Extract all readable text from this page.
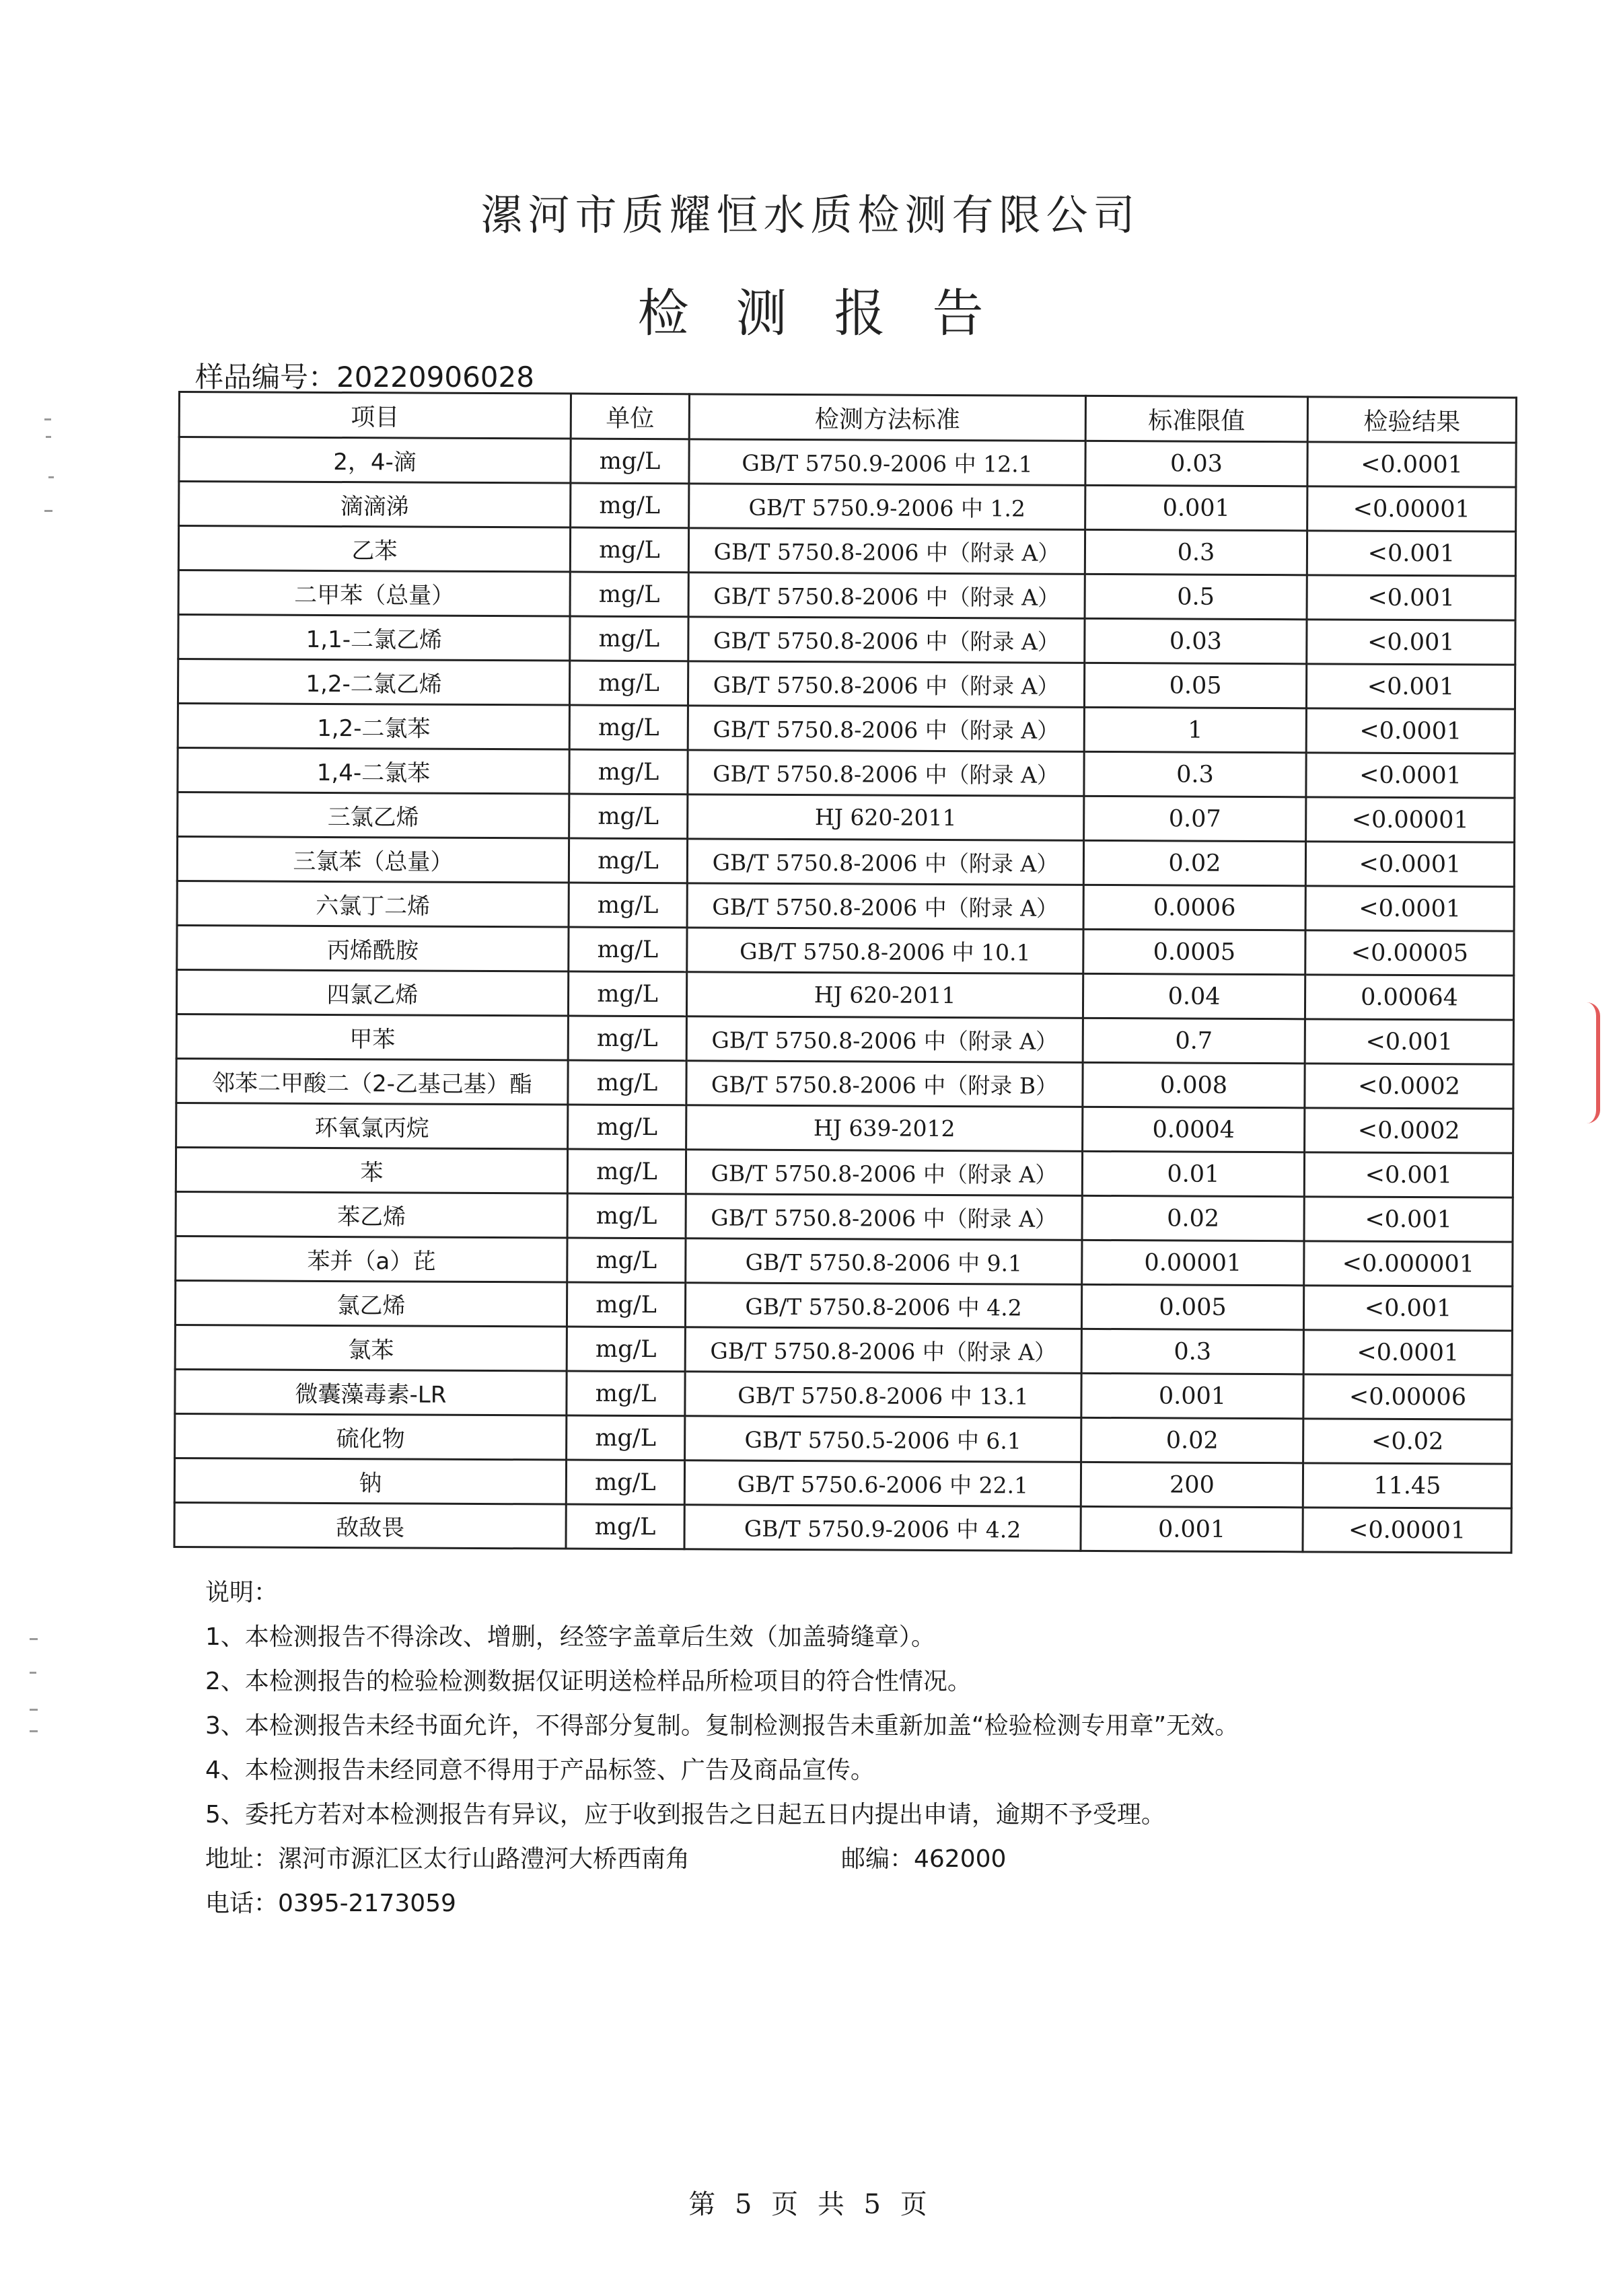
漯河市质耀恒水质检测有限公司
检测报告
样品编号：20220906028
项目	单位	检测方法标准	标准限值	检验结果
2，4-滴	mg/L	GB/T 5750.9-2006 中 12.1	0.03	<0.0001
滴滴涕	mg/L	GB/T 5750.9-2006 中 1.2	0.001	<0.00001
乙苯	mg/L	GB/T 5750.8-2006 中（附录 A）	0.3	<0.001
二甲苯（总量）	mg/L	GB/T 5750.8-2006 中（附录 A）	0.5	<0.001
1,1-二氯乙烯	mg/L	GB/T 5750.8-2006 中（附录 A）	0.03	<0.001
1,2-二氯乙烯	mg/L	GB/T 5750.8-2006 中（附录 A）	0.05	<0.001
1,2-二氯苯	mg/L	GB/T 5750.8-2006 中（附录 A）	1	<0.0001
1,4-二氯苯	mg/L	GB/T 5750.8-2006 中（附录 A）	0.3	<0.0001
三氯乙烯	mg/L	HJ 620-2011	0.07	<0.00001
三氯苯（总量）	mg/L	GB/T 5750.8-2006 中（附录 A）	0.02	<0.0001
六氯丁二烯	mg/L	GB/T 5750.8-2006 中（附录 A）	0.0006	<0.0001
丙烯酰胺	mg/L	GB/T 5750.8-2006 中 10.1	0.0005	<0.00005
四氯乙烯	mg/L	HJ 620-2011	0.04	0.00064
甲苯	mg/L	GB/T 5750.8-2006 中（附录 A）	0.7	<0.001
邻苯二甲酸二（2-乙基己基）酯	mg/L	GB/T 5750.8-2006 中（附录 B）	0.008	<0.0002
环氧氯丙烷	mg/L	HJ 639-2012	0.0004	<0.0002
苯	mg/L	GB/T 5750.8-2006 中（附录 A）	0.01	<0.001
苯乙烯	mg/L	GB/T 5750.8-2006 中（附录 A）	0.02	<0.001
苯并（a）芘	mg/L	GB/T 5750.8-2006 中 9.1	0.00001	<0.000001
氯乙烯	mg/L	GB/T 5750.8-2006 中 4.2	0.005	<0.001
氯苯	mg/L	GB/T 5750.8-2006 中（附录 A）	0.3	<0.0001
微囊藻毒素-LR	mg/L	GB/T 5750.8-2006 中 13.1	0.001	<0.00006
硫化物	mg/L	GB/T 5750.5-2006 中 6.1	0.02	<0.02
钠	mg/L	GB/T 5750.6-2006 中 22.1	200	11.45
敌敌畏	mg/L	GB/T 5750.9-2006 中 4.2	0.001	<0.00001
说明：
1、本检测报告不得涂改、增删，经签字盖章后生效（加盖骑缝章）。
2、本检测报告的检验检测数据仅证明送检样品所检项目的符合性情况。
3、本检测报告未经书面允许，不得部分复制。复制检测报告未重新加盖“检验检测专用章”无效。
4、本检测报告未经同意不得用于产品标签、广告及商品宣传。
5、委托方若对本检测报告有异议，应于收到报告之日起五日内提出申请，逾期不予受理。
地址：漯河市源汇区太行山路澧河大桥西南角	邮编：462000
电话：0395-2173059
第 5 页 共 5 页
